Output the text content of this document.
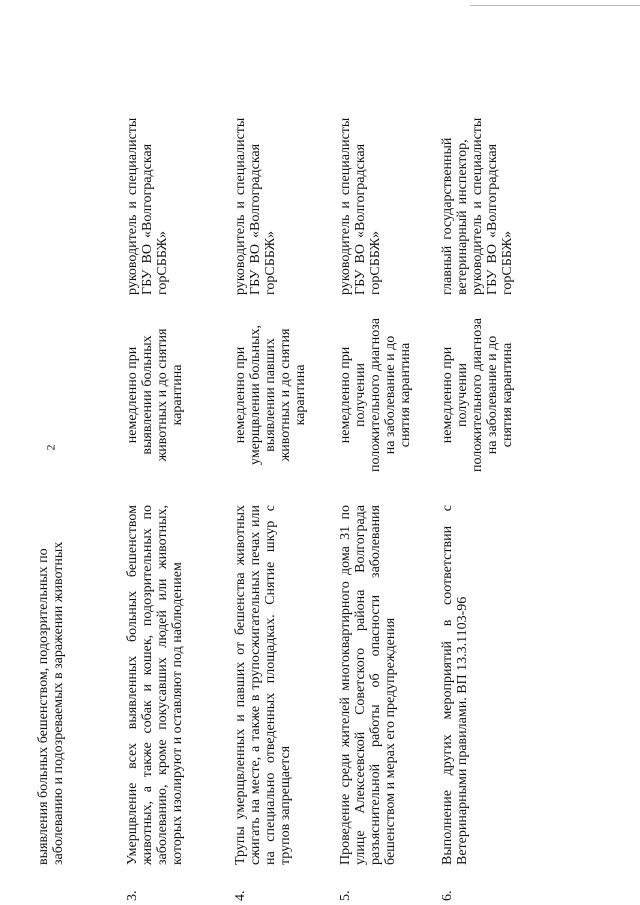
2
выявления больных бешенством, подозрительных по заболеванию и подозреваемых в заражении животных
3.
Умерщвление всех выявленных больных бешенством животных, а также собак и кошек, подозрительных по заболеванию, кроме покусавших людей или животных, которых изолируют и оставляют под наблюдением
немедленно при выявлении больных животных и до снятия карантина
руководитель
и
специалисты
ГБУ
ВО
«Волгоградская
горСББЖ»
4.
Трупы умерщвленных и павших от бешенства животных сжигать на месте, а также в трупосжигательных печах или на специально отведенных площадках. Снятие шкур с трупов запрещается
немедленно при умерщвлении больных, выявлении павших животных и до снятия карантина
руководитель
и
специалисты
ГБУ
ВО
«Волгоградская
горСББЖ»
5.
Проведение среди жителей многоквартирного дома 31 по улице Алексеевской Советского района Волгограда разъяснительной работы об опасности заболевания бешенством и мерах его предупреждения
немедленно при получении положительного диагноза на заболевание и до снятия карантина
руководитель
и
специалисты
ГБУ
ВО
«Волгоградская
горСББЖ»
6.
Выполнение других мероприятий в соответствии с Ветеринарными правилами. ВП 13.3.1103-96
немедленно при получении положительного диагноза на заболевание и до снятия карантина
главный
государственный
ветеринарный
инспектор,
руководитель
и
специалисты
ГБУ
ВО
«Волгоградская
горСББЖ»
